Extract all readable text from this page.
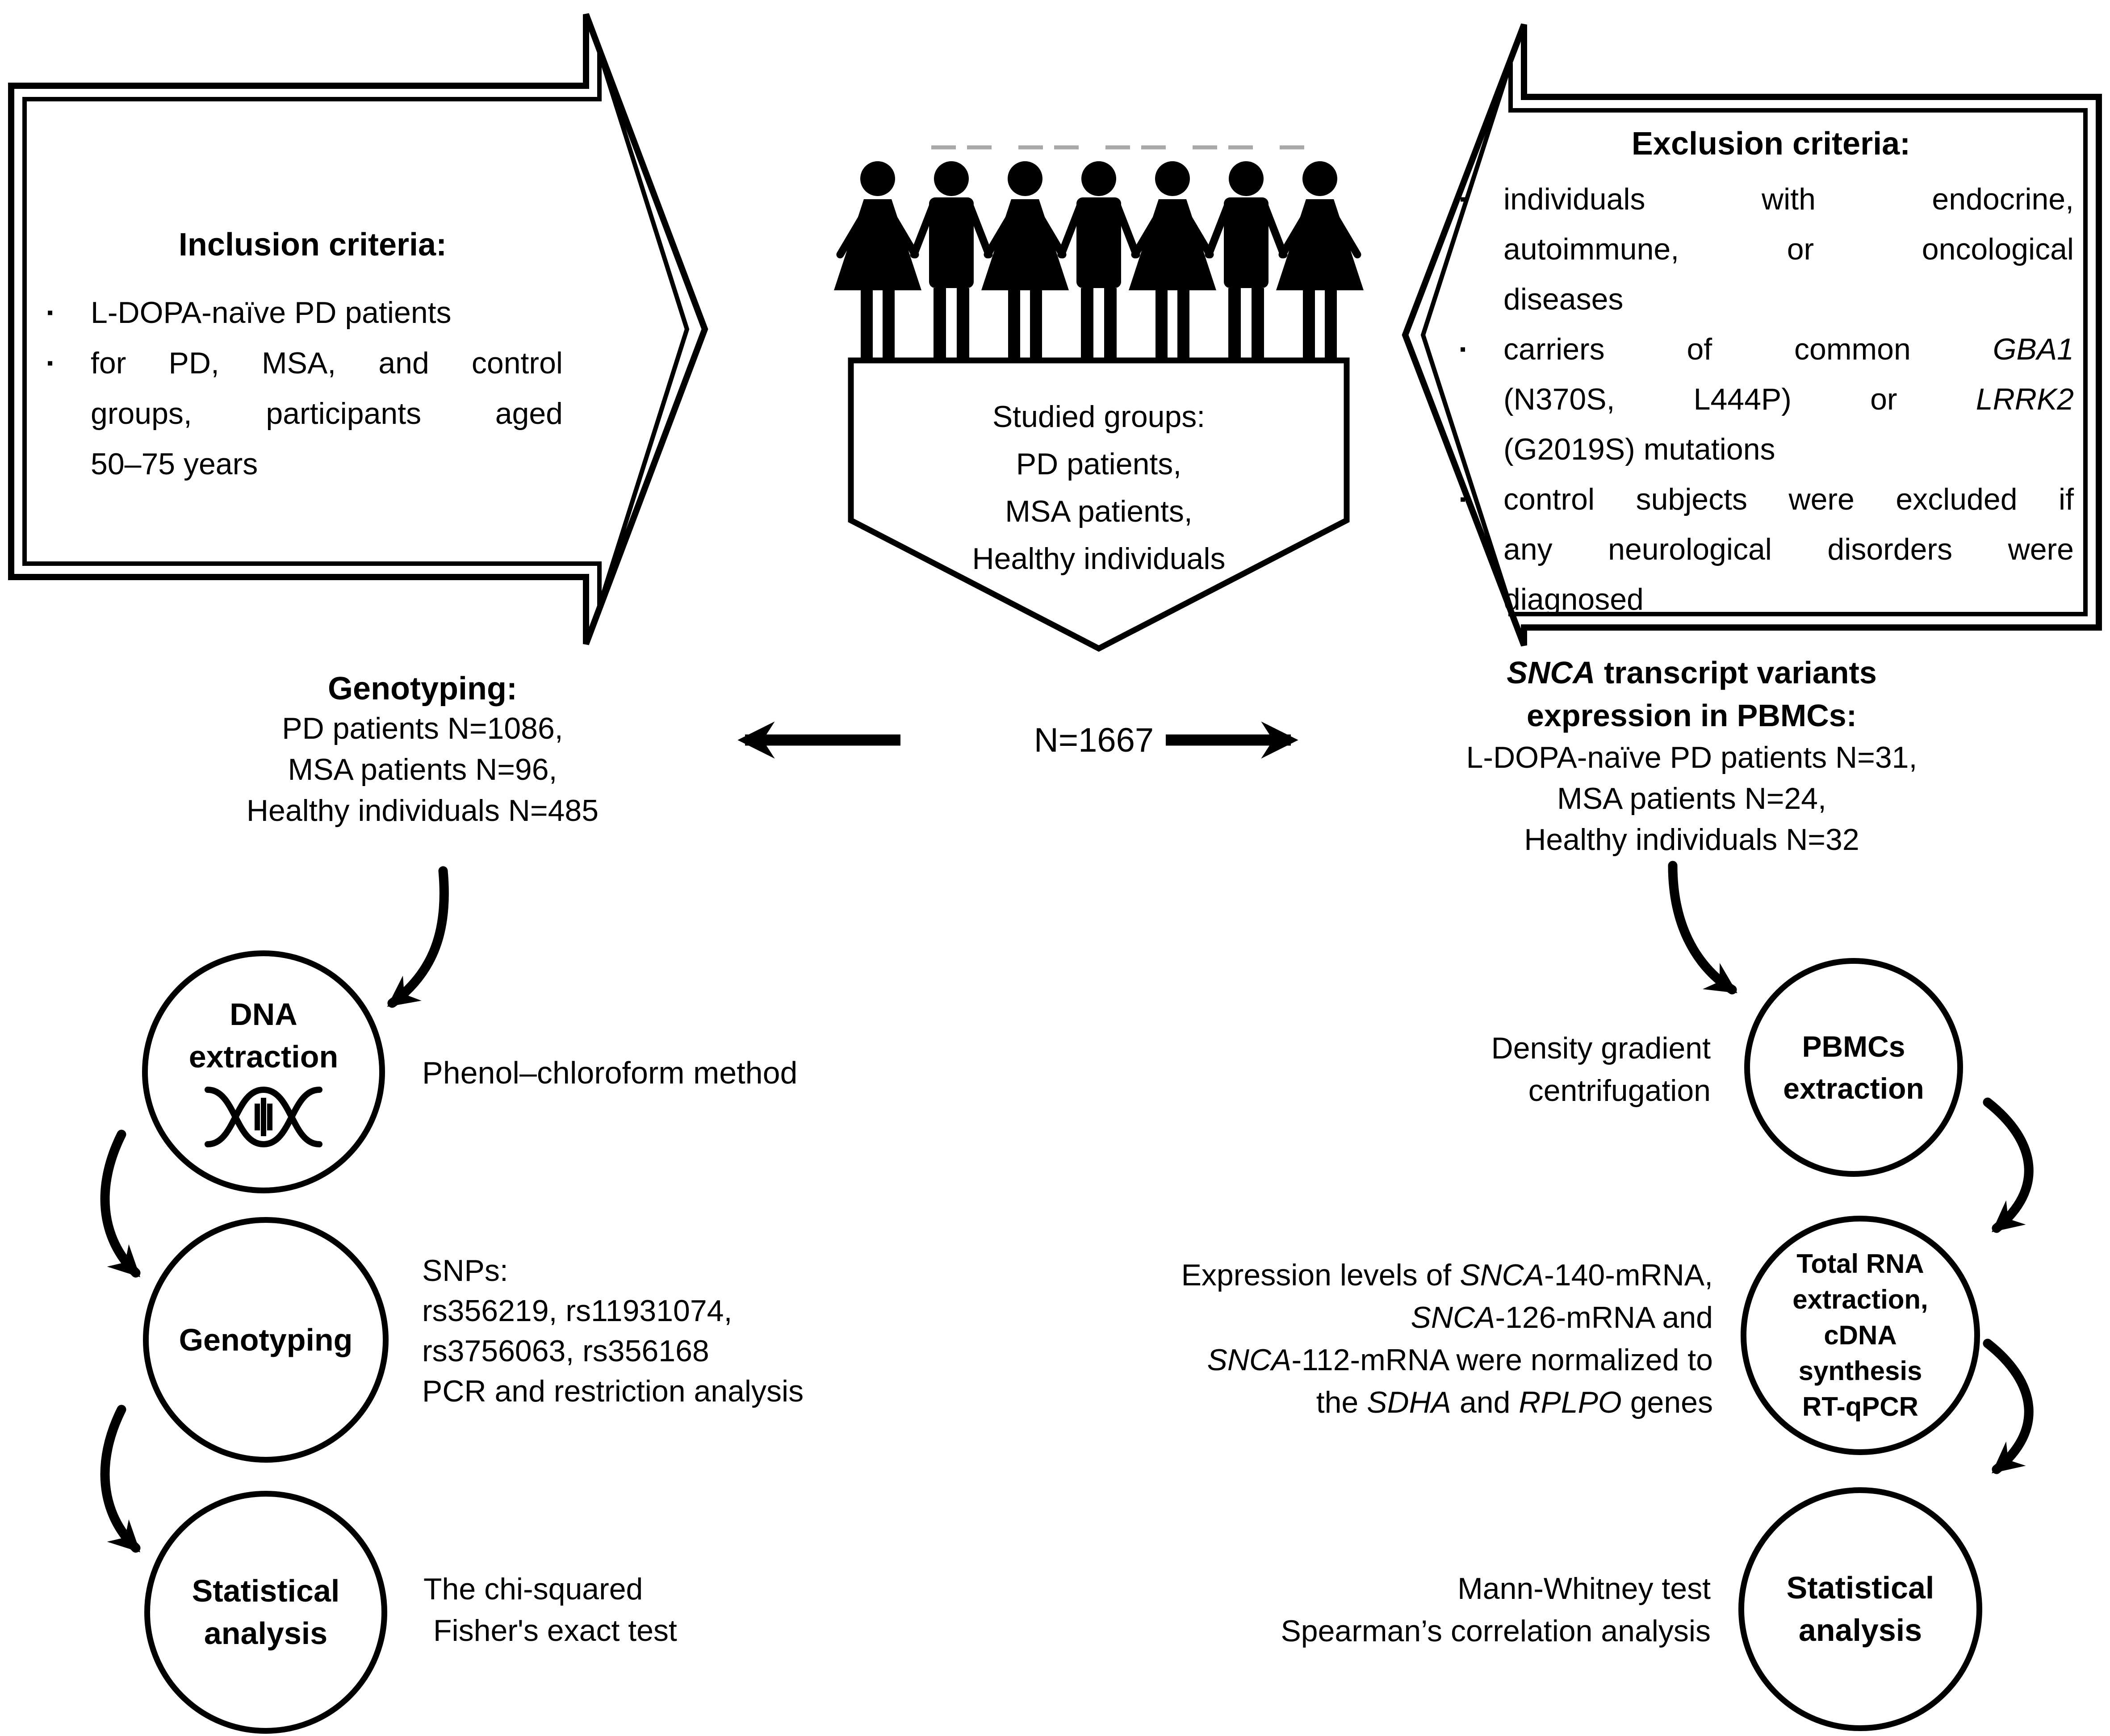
Inclusion criteria:
▪	L-DOPA-naïve PD patients
▪	for PD, MSA, and control
groups, participants aged
50–75 years
Exclusion criteria:
▪	individuals with endocrine,
autoimmune, or oncological
diseases
▪	carriers of common GBA1
(N370S, L444P) or LRRK2
(G2019S) mutations
▪	control subjects were excluded if
any neurological disorders were
diagnosed
Studied groups:
PD patients,
MSA patients,
Healthy individuals
Genotyping:
PD patients N=1086,
MSA patients N=96,
Healthy individuals N=485
N=1667
SNCA transcript variants
expression in PBMCs:
L-DOPA-naïve PD patients N=31,
MSA patients N=24,
Healthy individuals N=32
DNA
extraction	Phenol–chloroform method
Genotyping
SNPs:
rs356219, rs11931074,
rs3756063, rs356168
PCR and restriction analysis
Statistical
analysis
The chi-squared
Fisher's exact test
PBMCs
extraction
Density gradient
centrifugation
Total RNA
extraction,
cDNA
synthesis
RT-qPCR
Expression levels of SNCA-140-mRNA,
SNCA-126-mRNA and
SNCA-112-mRNA were normalized to
the SDHA and RPLPO genes
Statistical
analysis
Mann-Whitney test
Spearman’s correlation analysis
